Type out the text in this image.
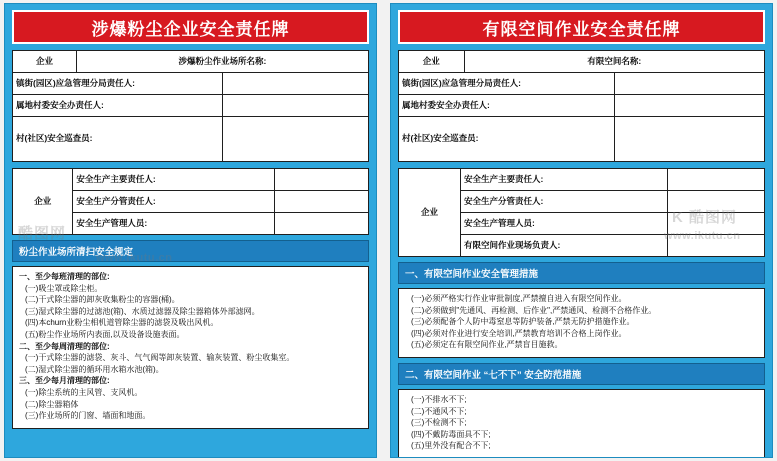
涉爆粉尘企业安全责任牌
企业	涉爆粉尘作业场所名称:	
镇街(园区)应急管理分局责任人:		
属地村委安全办责任人:		
村(社区)安全巡查员:		
企业	安全生产主要责任人:	
	安全生产分管责任人:	
	安全生产管理人员:	
粉尘作业场所清扫安全规定
一、至少每班清理的部位:
(一)吸尘罩或除尘柜。
(二)干式除尘器的卸灰收集粉尘的容器(桶)。
(三)湿式除尘器的过滤池(箱)、水质过滤器及除尘器箱体外部滤网。
(四)本churn业粉尘相机道管除尘器的滤袋及吸出风机。
(五)粉尘作业场所内表面,以及设备设施表面。
二、至少每周清理的部位:
(一)干式除尘器的滤袋、灰斗、气气阀等卸灰装置、输灰装置、粉尘收集室。
(二)湿式除尘器的循环用水箱水池(箱)。
三、至少每月清理的部位:
(一)除尘系统的主风管、支风机。
(二)除尘器箱体
(三)作业场所的门窗、墙面和地面。
有限空间作业安全责任牌
企业	有限空间名称:	
镇街(园区)应急管理分局责任人:		
属地村委安全办责任人:		
村(社区)安全巡查员:		
企业	安全生产主要责任人:	
	安全生产分管责任人:	
	安全生产管理人员:	
	有限空间作业现场负责人:	
一、有限空间作业安全管理措施
(一)必须严格实行作业审批制度,严禁擅自进入有限空间作业。
(二)必须做到"先通风、再检测、后作业",严禁通风、检测不合格作业。
(三)必须配备个人防中毒窒息等防护装备,严禁无防护措施作业。
(四)必须对作业进行安全培训,严禁教育培训不合格上岗作业。
(五)必须定在有限空间作业,严禁盲目施救。
二、有限空间作业 “七不下” 安全防范措施
(一)不排水不下;
(二)不通风不下;
(三)不检测不下;
(四)不戴防毒面具不下;
(五)里外没有配合不下;
酷图网
www.ikutu.cn
K 酷图网
www.ikutu.cn
